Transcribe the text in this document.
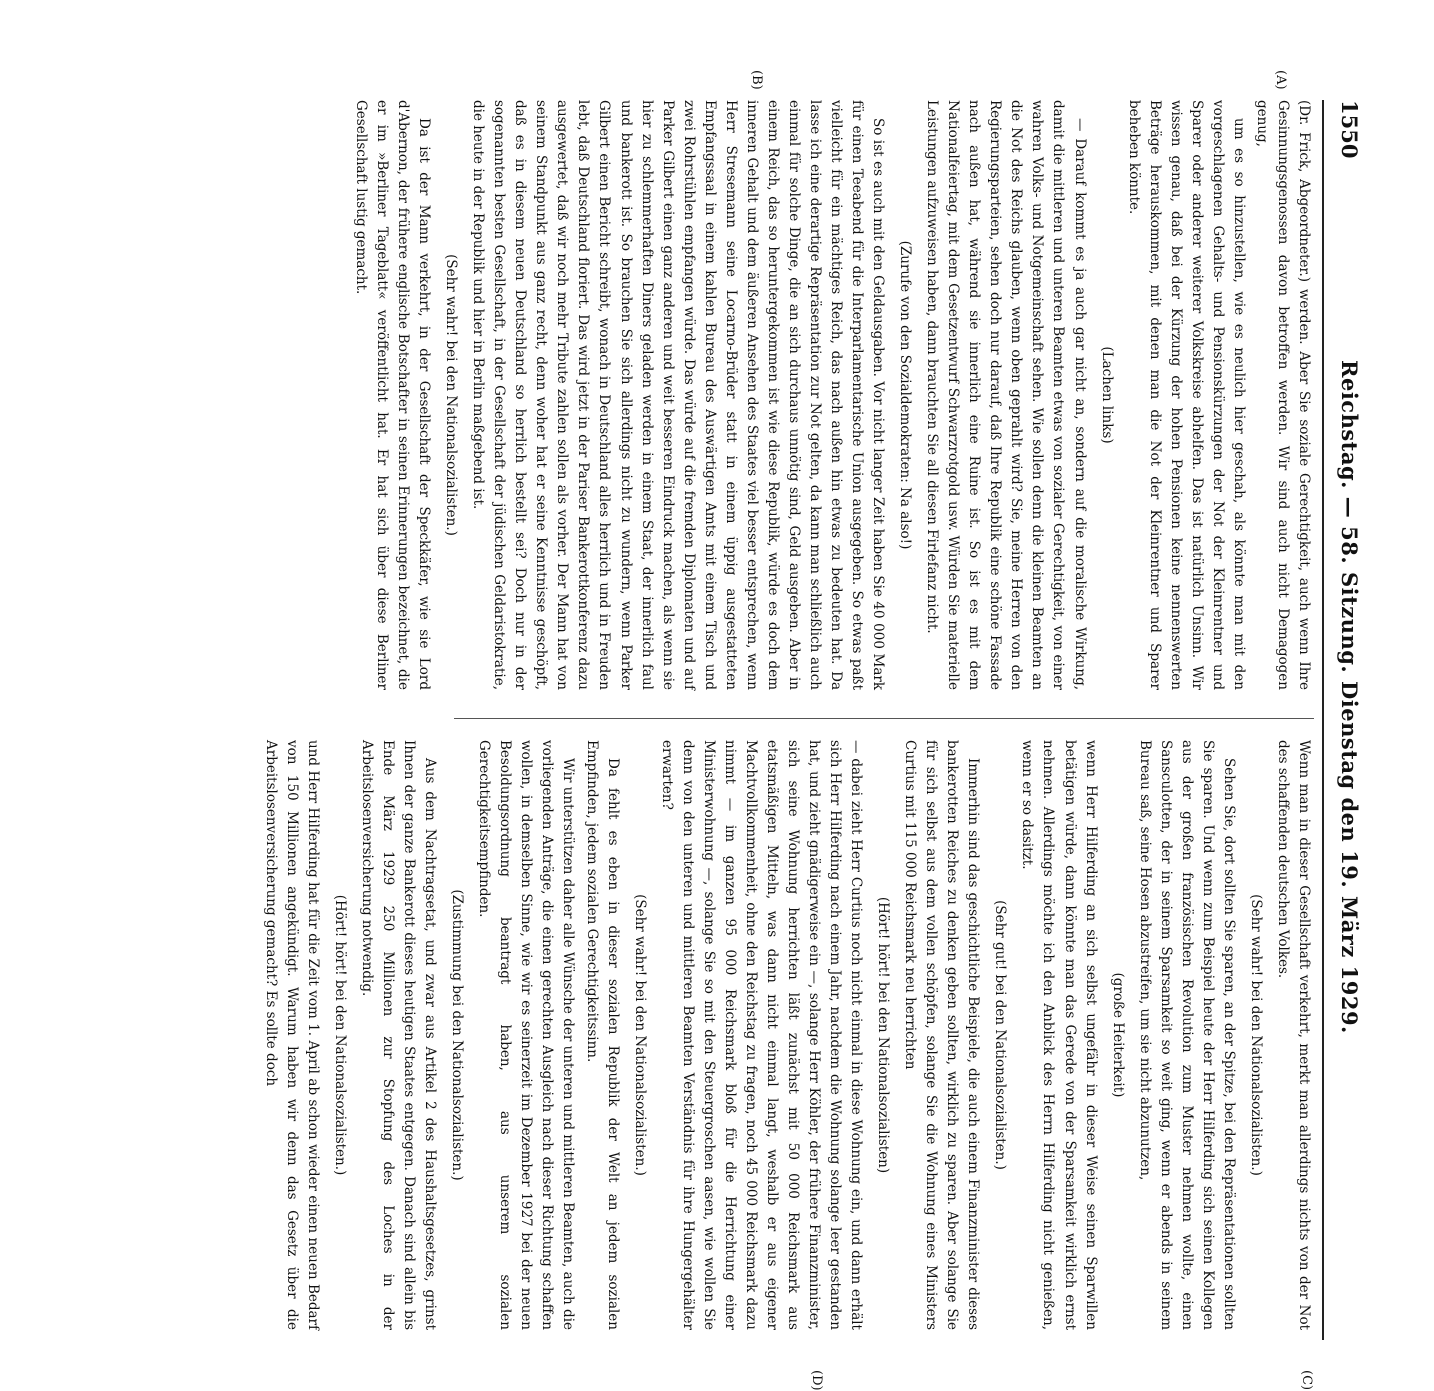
1550
Reichstag. — 58. Sitzung. Dienstag den 19. März 1929.
(A)
(B)
(C)
(D)

(Dr. Frick, Abgeordneter.) werden. Aber Sie soziale Gerechtigkeit, auch wenn Ihre Gesinnungsgenossen davon betroffen werden. Wir sind auch nicht Demagogen genug,

um es so hinzustellen, wie es neulich hier geschah, als könnte man mit den vorgeschlagenen Gehalts- und Pensionskürzungen der Not der Kleinrentner und Sparer oder anderer weiterer Volkskreise abhelfen. Das ist natürlich Unsinn. Wir wissen genau, daß bei der Kürzung der hohen Pensionen keine nennenswerten Beträge herauskommen, mit denen man die Not der Kleinrentner und Sparer beheben könnte.

(Lachen links)

— Darauf kommt es ja auch gar nicht an, sondern auf die moralische Wirkung, damit die mittleren und unteren Beamten etwas von sozialer Gerechtigkeit, von einer wahren Volks- und Notgemeinschaft sehen. Wie sollen denn die kleinen Beamten an die Not des Reichs glauben, wenn oben geprahlt wird? Sie, meine Herren von den Regierungsparteien, sehen doch nur darauf, daß Ihre Republik eine schöne Fassade nach außen hat, während sie innerlich eine Ruine ist. So ist es mit dem Nationalfeiertag, mit dem Gesetzentwurf Schwarzrotgold usw. Würden Sie materielle Leistungen aufzuweisen haben, dann brauchten Sie all diesen Firlefanz nicht.

(Zurufe von den Sozialdemokraten: Na also!)

So ist es auch mit den Geldausgaben. Vor nicht langer Zeit haben Sie 40 000 Mark für einen Teeabend für die Interparlamentarische Union ausgegeben. So etwas paßt vielleicht für ein mächtiges Reich, das nach außen hin etwas zu bedeuten hat. Da lasse ich eine derartige Repräsentation zur Not gelten, da kann man schließlich auch einmal für solche Dinge, die an sich durchaus unnötig sind, Geld ausgeben. Aber in einem Reich, das so heruntergekommen ist wie diese Republik, würde es doch dem inneren Gehalt und dem äußeren Ansehen des Staates viel besser entsprechen, wenn Herr Stresemann seine Locarno-Brüder statt in einem üppig ausgestatteten Empfangssaal in einem kahlen Bureau des Auswärtigen Amts mit einem Tisch und zwei Rohrstühlen empfangen würde. Das würde auf die fremden Diplomaten und auf Parker Gilbert einen ganz anderen und weit besseren Eindruck machen, als wenn sie hier zu schlemmerhaften Diners geladen werden in einem Staat, der innerlich faul und bankerott ist. So brauchen Sie sich allerdings nicht zu wundern, wenn Parker Gilbert einen Bericht schreibt, wonach in Deutschland alles herrlich und in Freuden lebt, daß Deutschland floriert. Das wird jetzt in der Pariser Bankerottkonferenz dazu ausgewertet, daß wir noch mehr Tribute zahlen sollen als vorher. Der Mann hat von seinem Standpunkt aus ganz recht, denn woher hat er seine Kenntnisse geschöpft, daß es in diesem neuen Deutschland so herrlich bestellt sei? Doch nur in der sogenannten besten Gesellschaft, in der Gesellschaft der jüdischen Geldaristokratie, die heute in der Republik und hier in Berlin maßgebend ist.

(Sehr wahr! bei den Nationalsozialisten.)

Da ist der Mann verkehrt, in der Gesellschaft der Speckkäfer, wie sie Lord d'Abernon, der frühere englische Botschafter in seinen Erinnerungen bezeichnet, die er im »Berliner Tageblatt« veröffentlicht hat. Er hat sich über diese Berliner Gesellschaft lustig gemacht.

Wenn man in dieser Gesellschaft verkehrt, merkt man allerdings nichts von der Not des schaffenden deutschen Volkes.

(Sehr wahr! bei den Nationalsozialisten.)

Sehen Sie, dort sollten Sie sparen, an der Spitze, bei den Repräsentationen sollten Sie sparen. Und wenn zum Beispiel heute der Herr Hilferding sich seinen Kollegen aus der großen französischen Revolution zum Muster nehmen wollte, einen Sansculotten, der in seinem Sparsamkeit so weit ging, wenn er abends in seinem Bureau saß, seine Hosen abzustreifen, um sie nicht abzunutzen,

(große Heiterkeit)

wenn Herr Hilferding an sich selbst ungefähr in dieser Weise seinen Sparwillen betätigen würde, dann könnte man das Gerede von der Sparsamkeit wirklich ernst nehmen. Allerdings möchte ich den Anblick des Herrn Hilferding nicht genießen, wenn er so dasitzt.

(Sehr gut! bei den Nationalsozialisten.)

Immerhin sind das geschichtliche Beispiele, die auch einem Finanzminister dieses bankerotten Reiches zu denken geben sollten, wirklich zu sparen. Aber solange Sie für sich selbst aus dem vollen schöpfen, solange Sie die Wohnung eines Ministers Curtius mit 115 000 Reichsmark neu herrichten

(Hört! hört! bei den Nationalsozialisten)

— dabei zieht Herr Curtius noch nicht einmal in diese Wohnung ein, und dann erhält sich Herr Hilferding nach einem Jahr, nachdem die Wohnung solange leer gestanden hat, und zieht gnädigerweise ein —, solange Herr Köhler, der frühere Finanzminister, sich seine Wohnung herrichten läßt zunächst mit 50 000 Reichsmark aus etatsmäßigen Mitteln, was dann nicht einmal langt, weshalb er aus eigener Machtvollkommenheit, ohne den Reichstag zu fragen, noch 45 000 Reichsmark dazu nimmt — im ganzen 95 000 Reichsmark bloß für die Herrichtung einer Ministerwohnung —, solange Sie so mit den Steuergroschen aasen, wie wollen Sie denn von den unteren und mittleren Beamten Verständnis für ihre Hungergehälter erwarten?

(Sehr wahr! bei den Nationalsozialisten.)

Da fehlt es eben in dieser sozialen Republik der Welt an jedem sozialen Empfinden, jedem sozialen Gerechtigkeitssinn.

Wir unterstützen daher alle Wünsche der unteren und mittleren Beamten, auch die vorliegenden Anträge, die einen gerechten Ausgleich nach dieser Richtung schaffen wollen, in demselben Sinne, wie wir es seinerzeit im Dezember 1927 bei der neuen Besoldungsordnung beantragt haben, aus unserem sozialen Gerechtigkeitsempfinden.

(Zustimmung bei den Nationalsozialisten.)

Aus dem Nachtragsetat, und zwar aus Artikel 2 des Haushaltsgesetzes, grinst Ihnen der ganze Bankerott dieses heutigen Staates entgegen. Danach sind allein bis Ende März 1929 250 Millionen zur Stopfung des Loches in der Arbeitslosenversicherung notwendig.

(Hört! hört! bei den Nationalsozialisten.)

und Herr Hilferding hat für die Zeit vom 1. April ab schon wieder einen neuen Bedarf von 150 Millionen angekündigt. Warum haben wir denn das Gesetz über die Arbeitslosenversicherung gemacht? Es sollte doch
